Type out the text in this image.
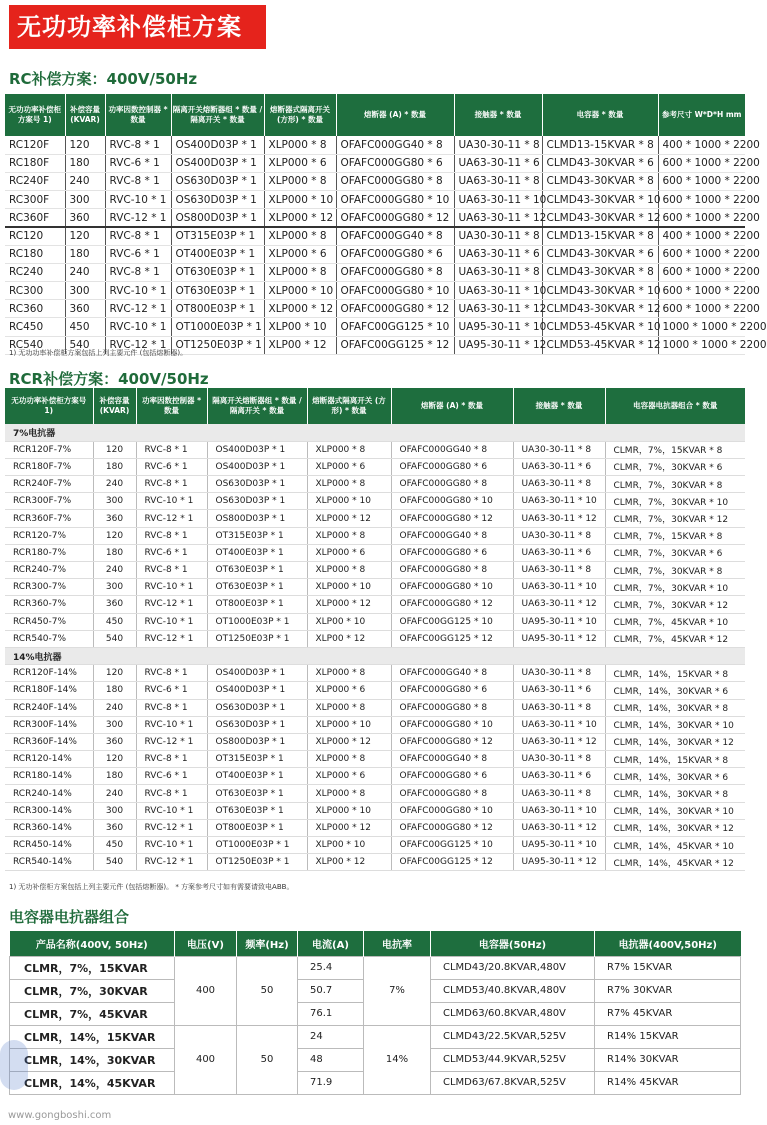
无功功率补偿柜方案
RC补偿方案：400V/50Hz
无功功率补偿柜方案号 1)	补偿容量 (KVAR)	功率因数控制器 * 数量	隔离开关熔断器组 * 数量 / 隔离开关 * 数量	熔断器式隔离开关 (方形) * 数量	熔断器 (A) * 数量	接触器 * 数量	电容器 * 数量	参考尺寸 W*D*H mm
RC120F	120	RVC-8 * 1	OS400D03P * 1	XLP000 * 8	OFAFC000GG40 * 8	UA30-30-11 * 8	CLMD13-15KVAR * 8	400 * 1000 * 2200
RC180F	180	RVC-6 * 1	OS400D03P * 1	XLP000 * 6	OFAFC000GG80 * 6	UA63-30-11 * 6	CLMD43-30KVAR * 6	600 * 1000 * 2200
RC240F	240	RVC-8 * 1	OS630D03P * 1	XLP000 * 8	OFAFC000GG80 * 8	UA63-30-11 * 8	CLMD43-30KVAR * 8	600 * 1000 * 2200
RC300F	300	RVC-10 * 1	OS630D03P * 1	XLP000 * 10	OFAFC000GG80 * 10	UA63-30-11 * 10	CLMD43-30KVAR * 10	600 * 1000 * 2200
RC360F	360	RVC-12 * 1	OS800D03P * 1	XLP000 * 12	OFAFC000GG80 * 12	UA63-30-11 * 12	CLMD43-30KVAR * 12	600 * 1000 * 2200
RC120	120	RVC-8 * 1	OT315E03P * 1	XLP000 * 8	OFAFC000GG40 * 8	UA30-30-11 * 8	CLMD13-15KVAR * 8	400 * 1000 * 2200
RC180	180	RVC-6 * 1	OT400E03P * 1	XLP000 * 6	OFAFC000GG80 * 6	UA63-30-11 * 6	CLMD43-30KVAR * 6	600 * 1000 * 2200
RC240	240	RVC-8 * 1	OT630E03P * 1	XLP000 * 8	OFAFC000GG80 * 8	UA63-30-11 * 8	CLMD43-30KVAR * 8	600 * 1000 * 2200
RC300	300	RVC-10 * 1	OT630E03P * 1	XLP000 * 10	OFAFC000GG80 * 10	UA63-30-11 * 10	CLMD43-30KVAR * 10	600 * 1000 * 2200
RC360	360	RVC-12 * 1	OT800E03P * 1	XLP000 * 12	OFAFC000GG80 * 12	UA63-30-11 * 12	CLMD43-30KVAR * 12	600 * 1000 * 2200
RC450	450	RVC-10 * 1	OT1000E03P * 1	XLP00 * 10	OFAFC00GG125 * 10	UA95-30-11 * 10	CLMD53-45KVAR * 10	1000 * 1000 * 2200
RC540	540	RVC-12 * 1	OT1250E03P * 1	XLP00 * 12	OFAFC00GG125 * 12	UA95-30-11 * 12	CLMD53-45KVAR * 12	1000 * 1000 * 2200
1) 无功功率补偿柜方案包括上列主要元件 (包括熔断器)。
RCR补偿方案：400V/50Hz
无功功率补偿柜方案号 1)	补偿容量 (KVAR)	功率因数控制器 * 数量	隔离开关熔断器组 * 数量 / 隔离开关 * 数量	熔断器式隔离开关 (方形) * 数量	熔断器 (A) * 数量	接触器 * 数量	电容器电抗器组合 * 数量
7%电抗器							
RCR120F-7%	120	RVC-8 * 1	OS400D03P * 1	XLP000 * 8	OFAFC000GG40 * 8	UA30-30-11 * 8	CLMR，7%，15KVAR * 8
RCR180F-7%	180	RVC-6 * 1	OS400D03P * 1	XLP000 * 6	OFAFC000GG80 * 6	UA63-30-11 * 6	CLMR，7%，30KVAR * 6
RCR240F-7%	240	RVC-8 * 1	OS630D03P * 1	XLP000 * 8	OFAFC000GG80 * 8	UA63-30-11 * 8	CLMR，7%，30KVAR * 8
RCR300F-7%	300	RVC-10 * 1	OS630D03P * 1	XLP000 * 10	OFAFC000GG80 * 10	UA63-30-11 * 10	CLMR，7%，30KVAR * 10
RCR360F-7%	360	RVC-12 * 1	OS800D03P * 1	XLP000 * 12	OFAFC000GG80 * 12	UA63-30-11 * 12	CLMR，7%，30KVAR * 12
RCR120-7%	120	RVC-8 * 1	OT315E03P * 1	XLP000 * 8	OFAFC000GG40 * 8	UA30-30-11 * 8	CLMR，7%，15KVAR * 8
RCR180-7%	180	RVC-6 * 1	OT400E03P * 1	XLP000 * 6	OFAFC000GG80 * 6	UA63-30-11 * 6	CLMR，7%，30KVAR * 6
RCR240-7%	240	RVC-8 * 1	OT630E03P * 1	XLP000 * 8	OFAFC000GG80 * 8	UA63-30-11 * 8	CLMR，7%，30KVAR * 8
RCR300-7%	300	RVC-10 * 1	OT630E03P * 1	XLP000 * 10	OFAFC000GG80 * 10	UA63-30-11 * 10	CLMR，7%，30KVAR * 10
RCR360-7%	360	RVC-12 * 1	OT800E03P * 1	XLP000 * 12	OFAFC000GG80 * 12	UA63-30-11 * 12	CLMR，7%，30KVAR * 12
RCR450-7%	450	RVC-10 * 1	OT1000E03P * 1	XLP00 * 10	OFAFC00GG125 * 10	UA95-30-11 * 10	CLMR，7%，45KVAR * 10
RCR540-7%	540	RVC-12 * 1	OT1250E03P * 1	XLP00 * 12	OFAFC00GG125 * 12	UA95-30-11 * 12	CLMR，7%，45KVAR * 12
14%电抗器							
RCR120F-14%	120	RVC-8 * 1	OS400D03P * 1	XLP000 * 8	OFAFC000GG40 * 8	UA30-30-11 * 8	CLMR，14%，15KVAR * 8
RCR180F-14%	180	RVC-6 * 1	OS400D03P * 1	XLP000 * 6	OFAFC000GG80 * 6	UA63-30-11 * 6	CLMR，14%，30KVAR * 6
RCR240F-14%	240	RVC-8 * 1	OS630D03P * 1	XLP000 * 8	OFAFC000GG80 * 8	UA63-30-11 * 8	CLMR，14%，30KVAR * 8
RCR300F-14%	300	RVC-10 * 1	OS630D03P * 1	XLP000 * 10	OFAFC000GG80 * 10	UA63-30-11 * 10	CLMR，14%，30KVAR * 10
RCR360F-14%	360	RVC-12 * 1	OS800D03P * 1	XLP000 * 12	OFAFC000GG80 * 12	UA63-30-11 * 12	CLMR，14%，30KVAR * 12
RCR120-14%	120	RVC-8 * 1	OT315E03P * 1	XLP000 * 8	OFAFC000GG40 * 8	UA30-30-11 * 8	CLMR，14%，15KVAR * 8
RCR180-14%	180	RVC-6 * 1	OT400E03P * 1	XLP000 * 6	OFAFC000GG80 * 6	UA63-30-11 * 6	CLMR，14%，30KVAR * 6
RCR240-14%	240	RVC-8 * 1	OT630E03P * 1	XLP000 * 8	OFAFC000GG80 * 8	UA63-30-11 * 8	CLMR，14%，30KVAR * 8
RCR300-14%	300	RVC-10 * 1	OT630E03P * 1	XLP000 * 10	OFAFC000GG80 * 10	UA63-30-11 * 10	CLMR，14%，30KVAR * 10
RCR360-14%	360	RVC-12 * 1	OT800E03P * 1	XLP000 * 12	OFAFC000GG80 * 12	UA63-30-11 * 12	CLMR，14%，30KVAR * 12
RCR450-14%	450	RVC-10 * 1	OT1000E03P * 1	XLP00 * 10	OFAFC00GG125 * 10	UA95-30-11 * 10	CLMR，14%，45KVAR * 10
RCR540-14%	540	RVC-12 * 1	OT1250E03P * 1	XLP00 * 12	OFAFC00GG125 * 12	UA95-30-11 * 12	CLMR，14%，45KVAR * 12
1) 无功补偿柜方案包括上列主要元件 (包括熔断器)。 * 方案参考尺寸如有需要请致电ABB。
电容器电抗器组合
产品名称(400V, 50Hz)	电压(V)	频率(Hz)	电流(A)	电抗率	电容器(50Hz)	电抗器(400V,50Hz)
CLMR，7%，15KVAR	400	50	25.4	7%	CLMD43/20.8KVAR,480V	R7% 15KVAR
CLMR，7%，30KVAR			50.7		CLMD53/40.8KVAR,480V	R7% 30KVAR
CLMR，7%，45KVAR			76.1		CLMD63/60.8KVAR,480V	R7% 45KVAR
CLMR，14%，15KVAR	400	50	24	14%	CLMD43/22.5KVAR,525V	R14% 15KVAR
CLMR，14%，30KVAR			48		CLMD53/44.9KVAR,525V	R14% 30KVAR
CLMR，14%，45KVAR			71.9		CLMD63/67.8KVAR,525V	R14% 45KVAR
www.gongboshi.com
